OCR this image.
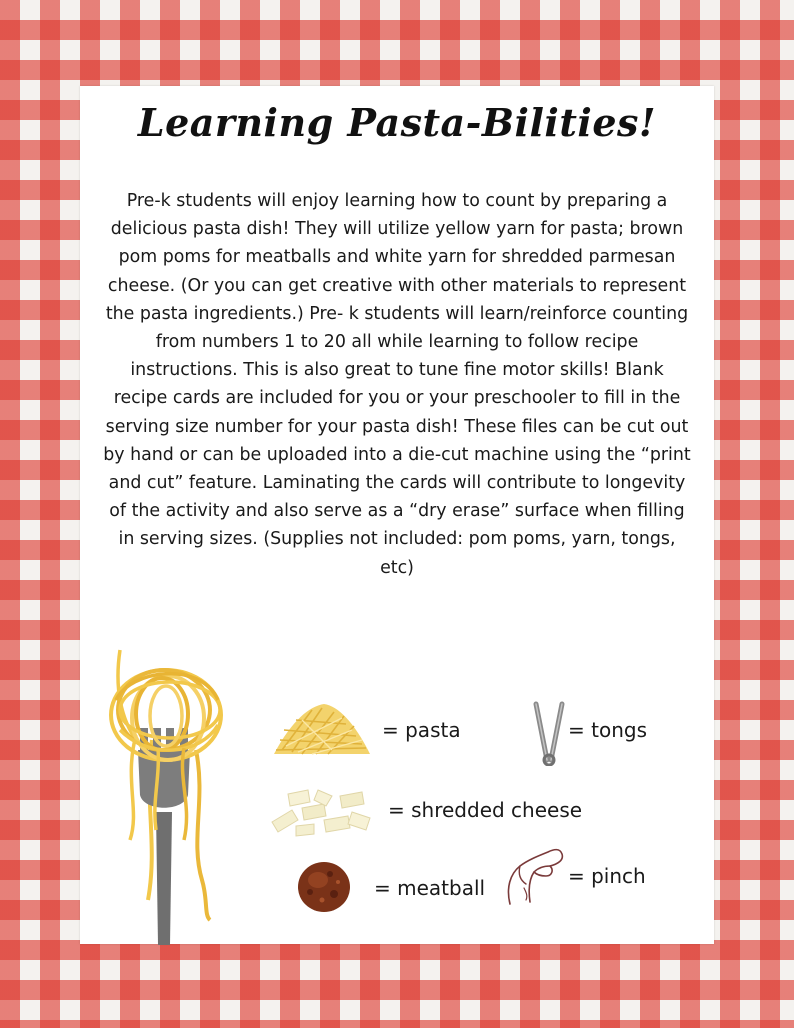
Learning Pasta-Bilities!

Pre-k students will enjoy learning how to count by preparing a delicious pasta dish! They will utilize yellow yarn for pasta; brown pom poms for meatballs and white yarn for shredded parmesan cheese. (Or you can get creative with other materials to represent the pasta ingredients.) Pre- k students will learn/reinforce counting from numbers 1 to 20 all while learning to follow recipe instructions. This is also great to tune fine motor skills! Blank recipe cards are included for you or your preschooler to fill in the serving size number for your pasta dish! These files can be cut out by hand or can be uploaded into a die-cut machine using the “print and cut” feature. Laminating the cards will contribute to longevity of the activity and also serve as a “dry erase” surface when filling in serving sizes. (Supplies not included: pom poms, yarn, tongs, etc)

= pasta	= tongs
= shredded cheese
= meatball	= pinch
